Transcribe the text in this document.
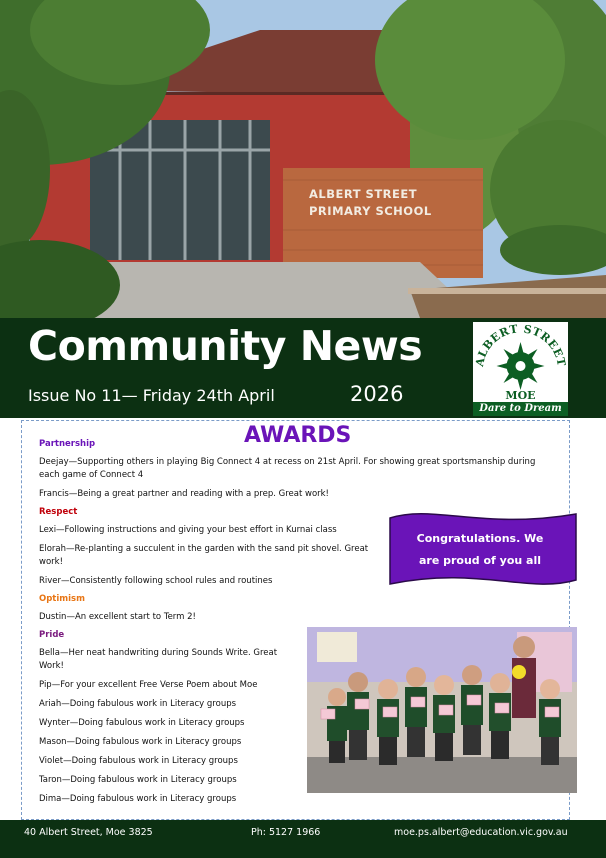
ALBERT STREET
PRIMARY SCHOOL
Community News
Issue No 11— Friday 24th April	2026
ALBERT STREET
MOE
Dare to Dream
AWARDS
Partnership
Deejay—Supporting others in playing Big Connect 4 at recess on 21st April. For showing great sportsmanship during each game of Connect 4
Francis—Being a great partner and reading with a prep. Great work!
Respect
Lexi—Following instructions and giving your best effort in Kurnai class
Elorah—Re-planting a succulent in the garden with the sand pit shovel. Great work!
River—Consistently following school rules and routines
Optimism
Dustin—An excellent start to Term 2!
Pride
Bella—Her neat handwriting during Sounds Write. Great Work!
Pip—For your excellent Free Verse Poem about Moe
Ariah—Doing fabulous work in Literacy groups
Wynter—Doing fabulous work in Literacy groups
Mason—Doing fabulous work in Literacy groups
Violet—Doing fabulous work in Literacy groups
Taron—Doing fabulous work in Literacy groups
Dima—Doing fabulous work in Literacy groups
Congratulations. We
are proud of you all
40 Albert Street, Moe 3825	Ph: 5127 1966	moe.ps.albert@education.vic.gov.au
